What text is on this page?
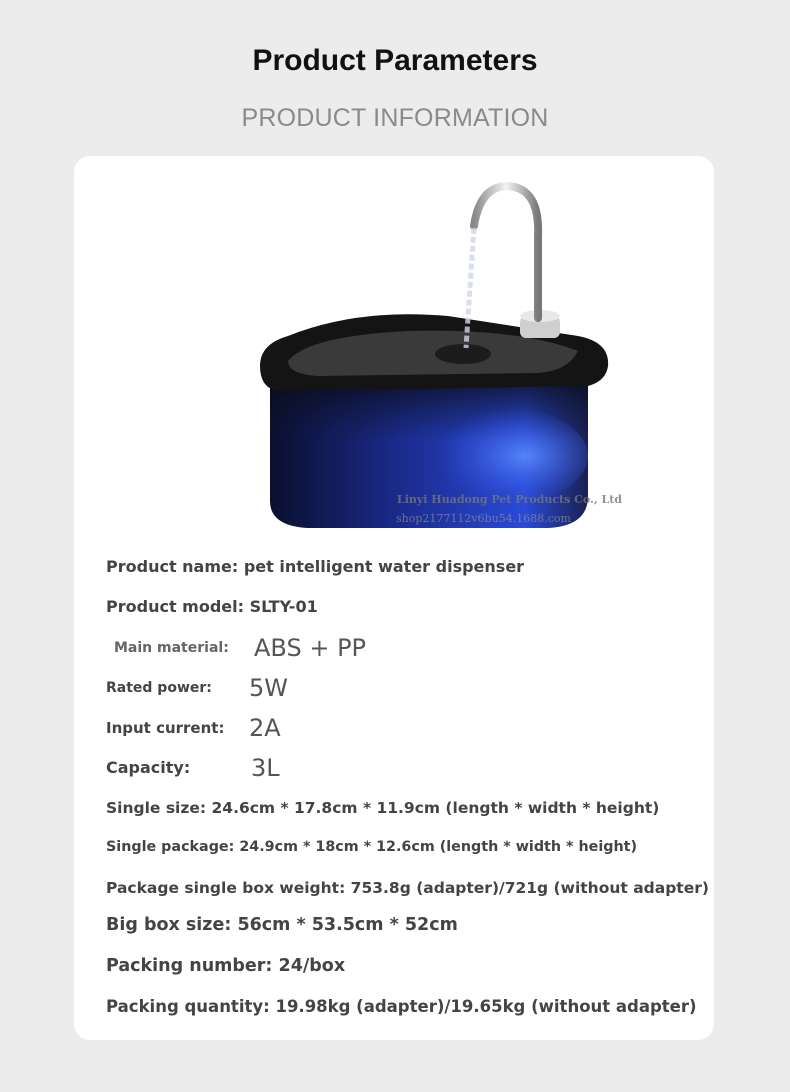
Product Parameters
PRODUCT INFORMATION
Linyi Huadong Pet Products Co., Ltd
shop2177112v6bu54.1688.com
Product name: pet intelligent water dispenser
Product model: SLTY-01
Main material: ABS + PP
Rated power: 5W
Input current: 2A
Capacity:	3L
Single size: 24.6cm * 17.8cm * 11.9cm (length * width * height)
Single package: 24.9cm * 18cm * 12.6cm (length * width * height)
Package single box weight: 753.8g (adapter)/721g (without adapter)
Big box size: 56cm * 53.5cm * 52cm
Packing number: 24/box
Packing quantity: 19.98kg (adapter)/19.65kg (without adapter)
